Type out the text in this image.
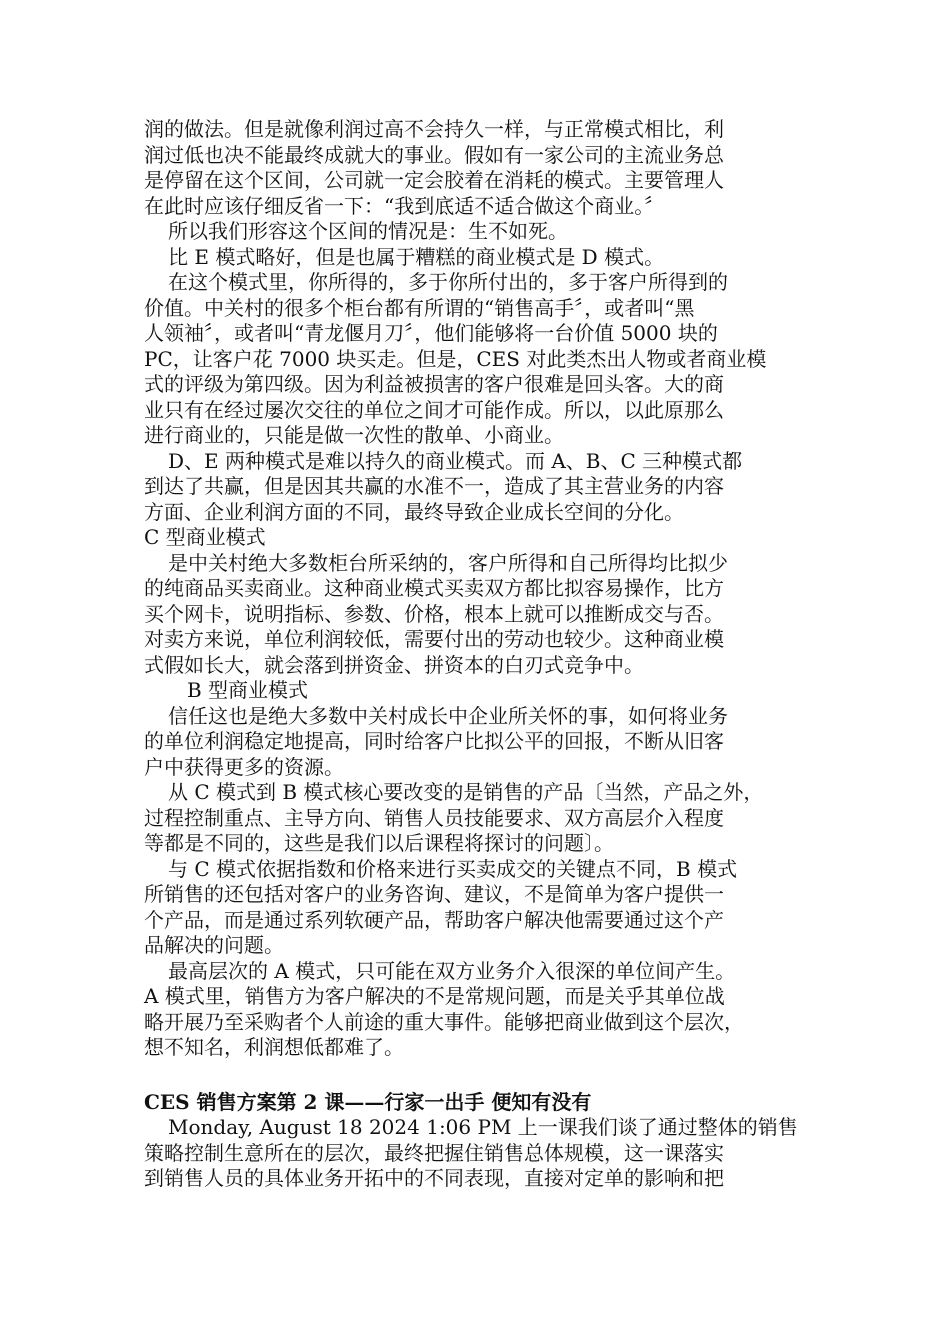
润的做法。但是就像利润过高不会持久一样，与正常模式相比，利
润过低也决不能最终成就大的事业。假如有一家公司的主流业务总
是停留在这个区间，公司就一定会胶着在消耗的模式。主要管理人
在此时应该仔细反省一下：“我到底适不适合做这个商业。〞
所以我们形容这个区间的情况是：生不如死。
比 E 模式略好，但是也属于糟糕的商业模式是 D 模式。
在这个模式里，你所得的，多于你所付出的，多于客户所得到的
价值。中关村的很多个柜台都有所谓的“销售高手〞，或者叫“黑
人领袖〞，或者叫“青龙偃月刀〞，他们能够将一台价值 5000 块的
PC，让客户花 7000 块买走。但是，CES 对此类杰出人物或者商业模
式的评级为第四级。因为利益被损害的客户很难是回头客。大的商
业只有在经过屡次交往的单位之间才可能作成。所以，以此原那么
进行商业的，只能是做一次性的散单、小商业。
D、E 两种模式是难以持久的商业模式。而 A、B、C 三种模式都
到达了共赢，但是因其共赢的水准不一，造成了其主营业务的内容
方面、企业利润方面的不同，最终导致企业成长空间的分化。
C 型商业模式
是中关村绝大多数柜台所采纳的，客户所得和自己所得均比拟少
的纯商品买卖商业。这种商业模式买卖双方都比拟容易操作，比方
买个网卡，说明指标、参数、价格，根本上就可以推断成交与否。
对卖方来说，单位利润较低，需要付出的劳动也较少。这种商业模
式假如长大，就会落到拼资金、拼资本的白刃式竞争中。
B 型商业模式
信任这也是绝大多数中关村成长中企业所关怀的事，如何将业务
的单位利润稳定地提高，同时给客户比拟公平的回报，不断从旧客
户中获得更多的资源。
从 C 模式到 B 模式核心要改变的是销售的产品〔当然，产品之外，
过程控制重点、主导方向、销售人员技能要求、双方高层介入程度
等都是不同的，这些是我们以后课程将探讨的问题〕。
与 C 模式依据指数和价格来进行买卖成交的关键点不同，B 模式
所销售的还包括对客户的业务咨询、建议，不是简单为客户提供一
个产品，而是通过系列软硬产品，帮助客户解决他需要通过这个产
品解决的问题。
最高层次的 A 模式，只可能在双方业务介入很深的单位间产生。
A 模式里，销售方为客户解决的不是常规问题，而是关乎其单位战
略开展乃至采购者个人前途的重大事件。能够把商业做到这个层次，
想不知名，利润想低都难了。
CES 销售方案第 2 课——行家一出手 便知有没有
Monday, August 18 2024 1:06 PM 上一课我们谈了通过整体的销售
策略控制生意所在的层次，最终把握住销售总体规模，这一课落实
到销售人员的具体业务开拓中的不同表现，直接对定单的影响和把
